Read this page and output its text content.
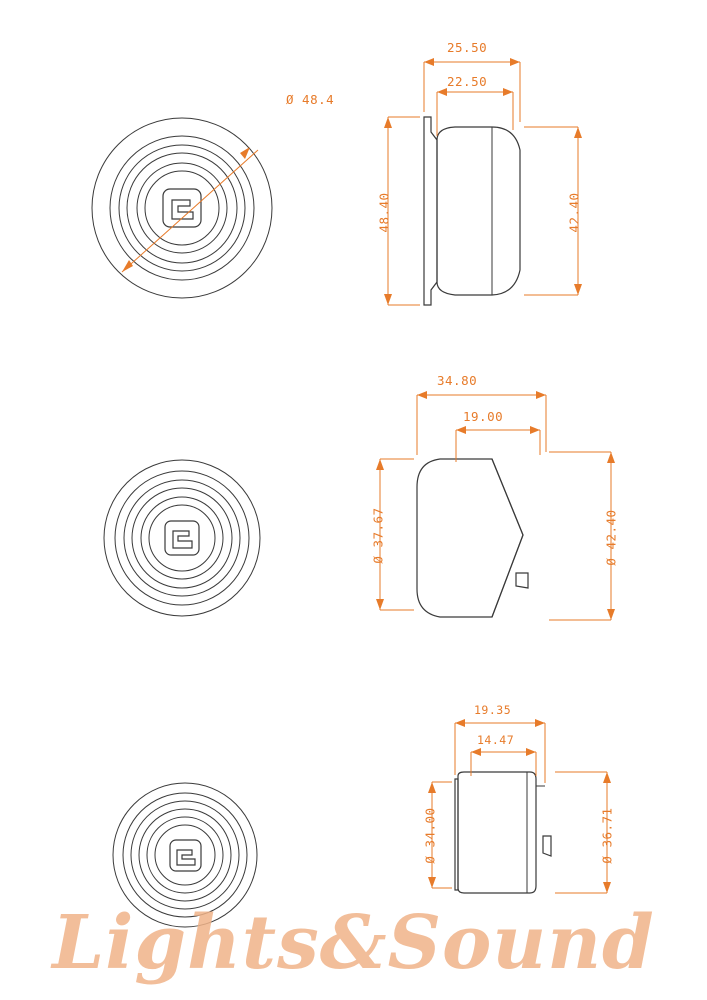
Ø 48.4
25.50
22.50
48.40	42.40
34.80
19.00
Ø 37.67	Ø 42.40
19.35
14.47
Ø 34.00	Ø 36.71
Lights&Sound
